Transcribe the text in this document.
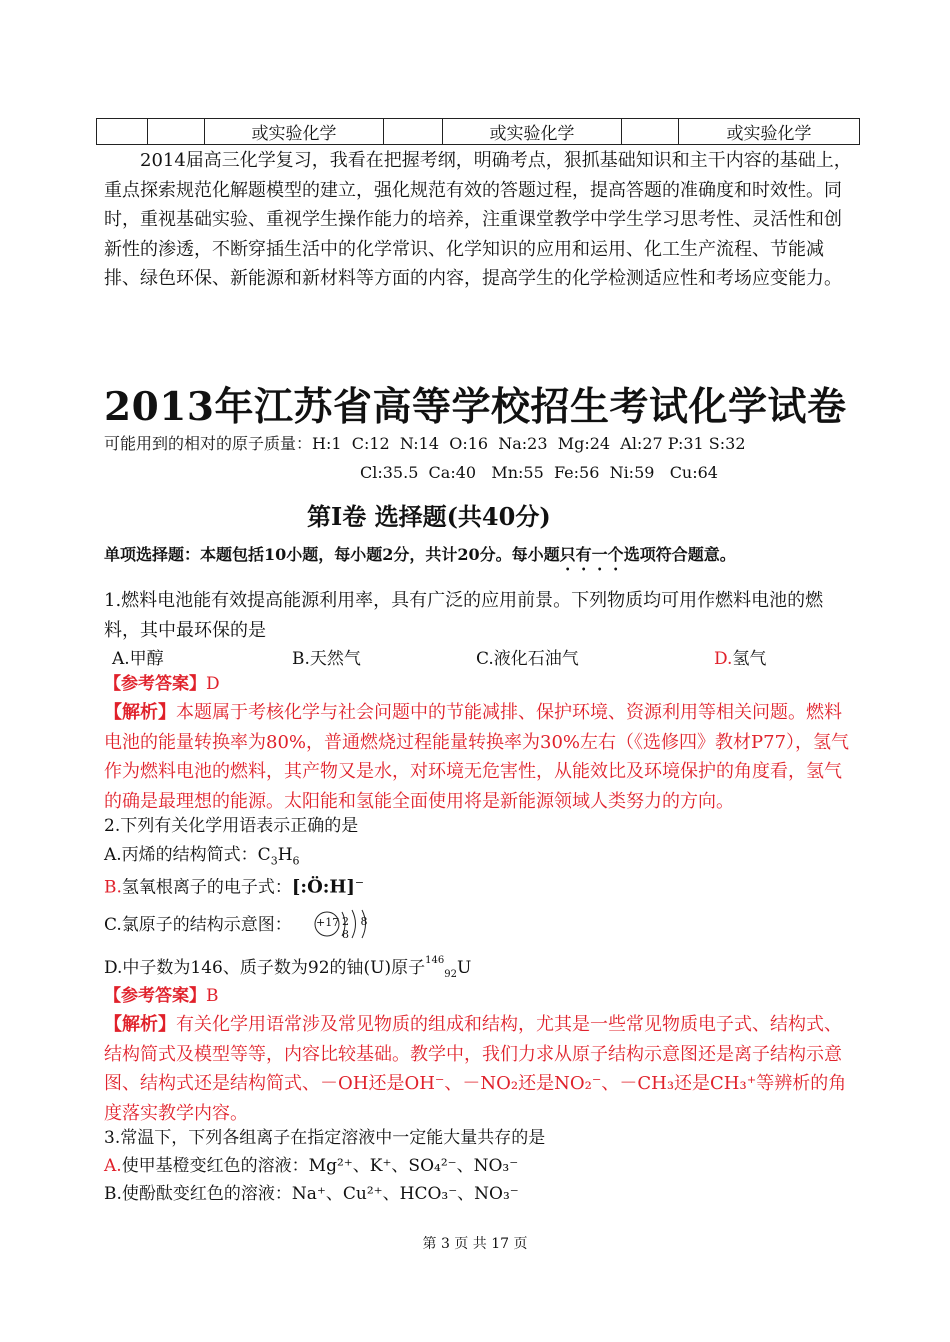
		或实验化学		或实验化学		或实验化学
2014届高三化学复习，我看在把握考纲，明确考点，狠抓基础知识和主干内容的基础上，重点探索规范化解题模型的建立，强化规范有效的答题过程，提高答题的准确度和时效性。同时，重视基础实验、重视学生操作能力的培养，注重课堂教学中学生学习思考性、灵活性和创新性的渗透，不断穿插生活中的化学常识、化学知识的应用和运用、化工生产流程、节能减排、绿色环保、新能源和新材料等方面的内容，提高学生的化学检测适应性和考场应变能力。
2013年江苏省高等学校招生考试化学试卷
可能用到的相对的原子质量：H:1  C:12  N:14  O:16  Na:23  Mg:24  Al:27 P:31 S:32
Cl:35.5  Ca:40   Mn:55  Fe:56  Ni:59   Cu:64
第I卷 选择题(共40分)
单项选择题：本题包括10小题，每小题2分，共计20分。每小题只有一个选项符合题意。
1.燃料电池能有效提高能源利用率，具有广泛的应用前景。下列物质均可用作燃料电池的燃料，其中最环保的是
A.甲醇	B.天然气	C.液化石油气	D.氢气
【参考答案】D
【解析】本题属于考核化学与社会问题中的节能减排、保护环境、资源利用等相关问题。燃料电池的能量转换率为80%，普通燃烧过程能量转换率为30%左右（《选修四》教材P77），氢气作为燃料电池的燃料，其产物又是水，对环境无危害性，从能效比及环境保护的角度看，氢气的确是最理想的能源。太阳能和氢能全面使用将是新能源领域人类努力的方向。
2.下列有关化学用语表示正确的是
A.丙烯的结构简式：$C_3H_6$
B.氢氧根离子的电子式：[:Ö:H]−
C.氯原子的结构示意图： +17 2 8 8
D.中子数为146、质子数为92的铀(U)原子14692U
【参考答案】B
【解析】有关化学用语常涉及常见物质的组成和结构，尤其是一些常见物质电子式、结构式、结构简式及模型等等，内容比较基础。教学中，我们力求从原子结构示意图还是离子结构示意图、结构式还是结构简式、－OH还是OH⁻、－NO₂还是NO₂⁻、－CH₃还是CH₃⁺等辨析的角度落实教学内容。
3.常温下，下列各组离子在指定溶液中一定能大量共存的是
A.使甲基橙变红色的溶液：Mg²⁺、K⁺、SO₄²⁻、NO₃⁻
B.使酚酞变红色的溶液：Na⁺、Cu²⁺、HCO₃⁻、NO₃⁻
第 3 页 共 17 页
